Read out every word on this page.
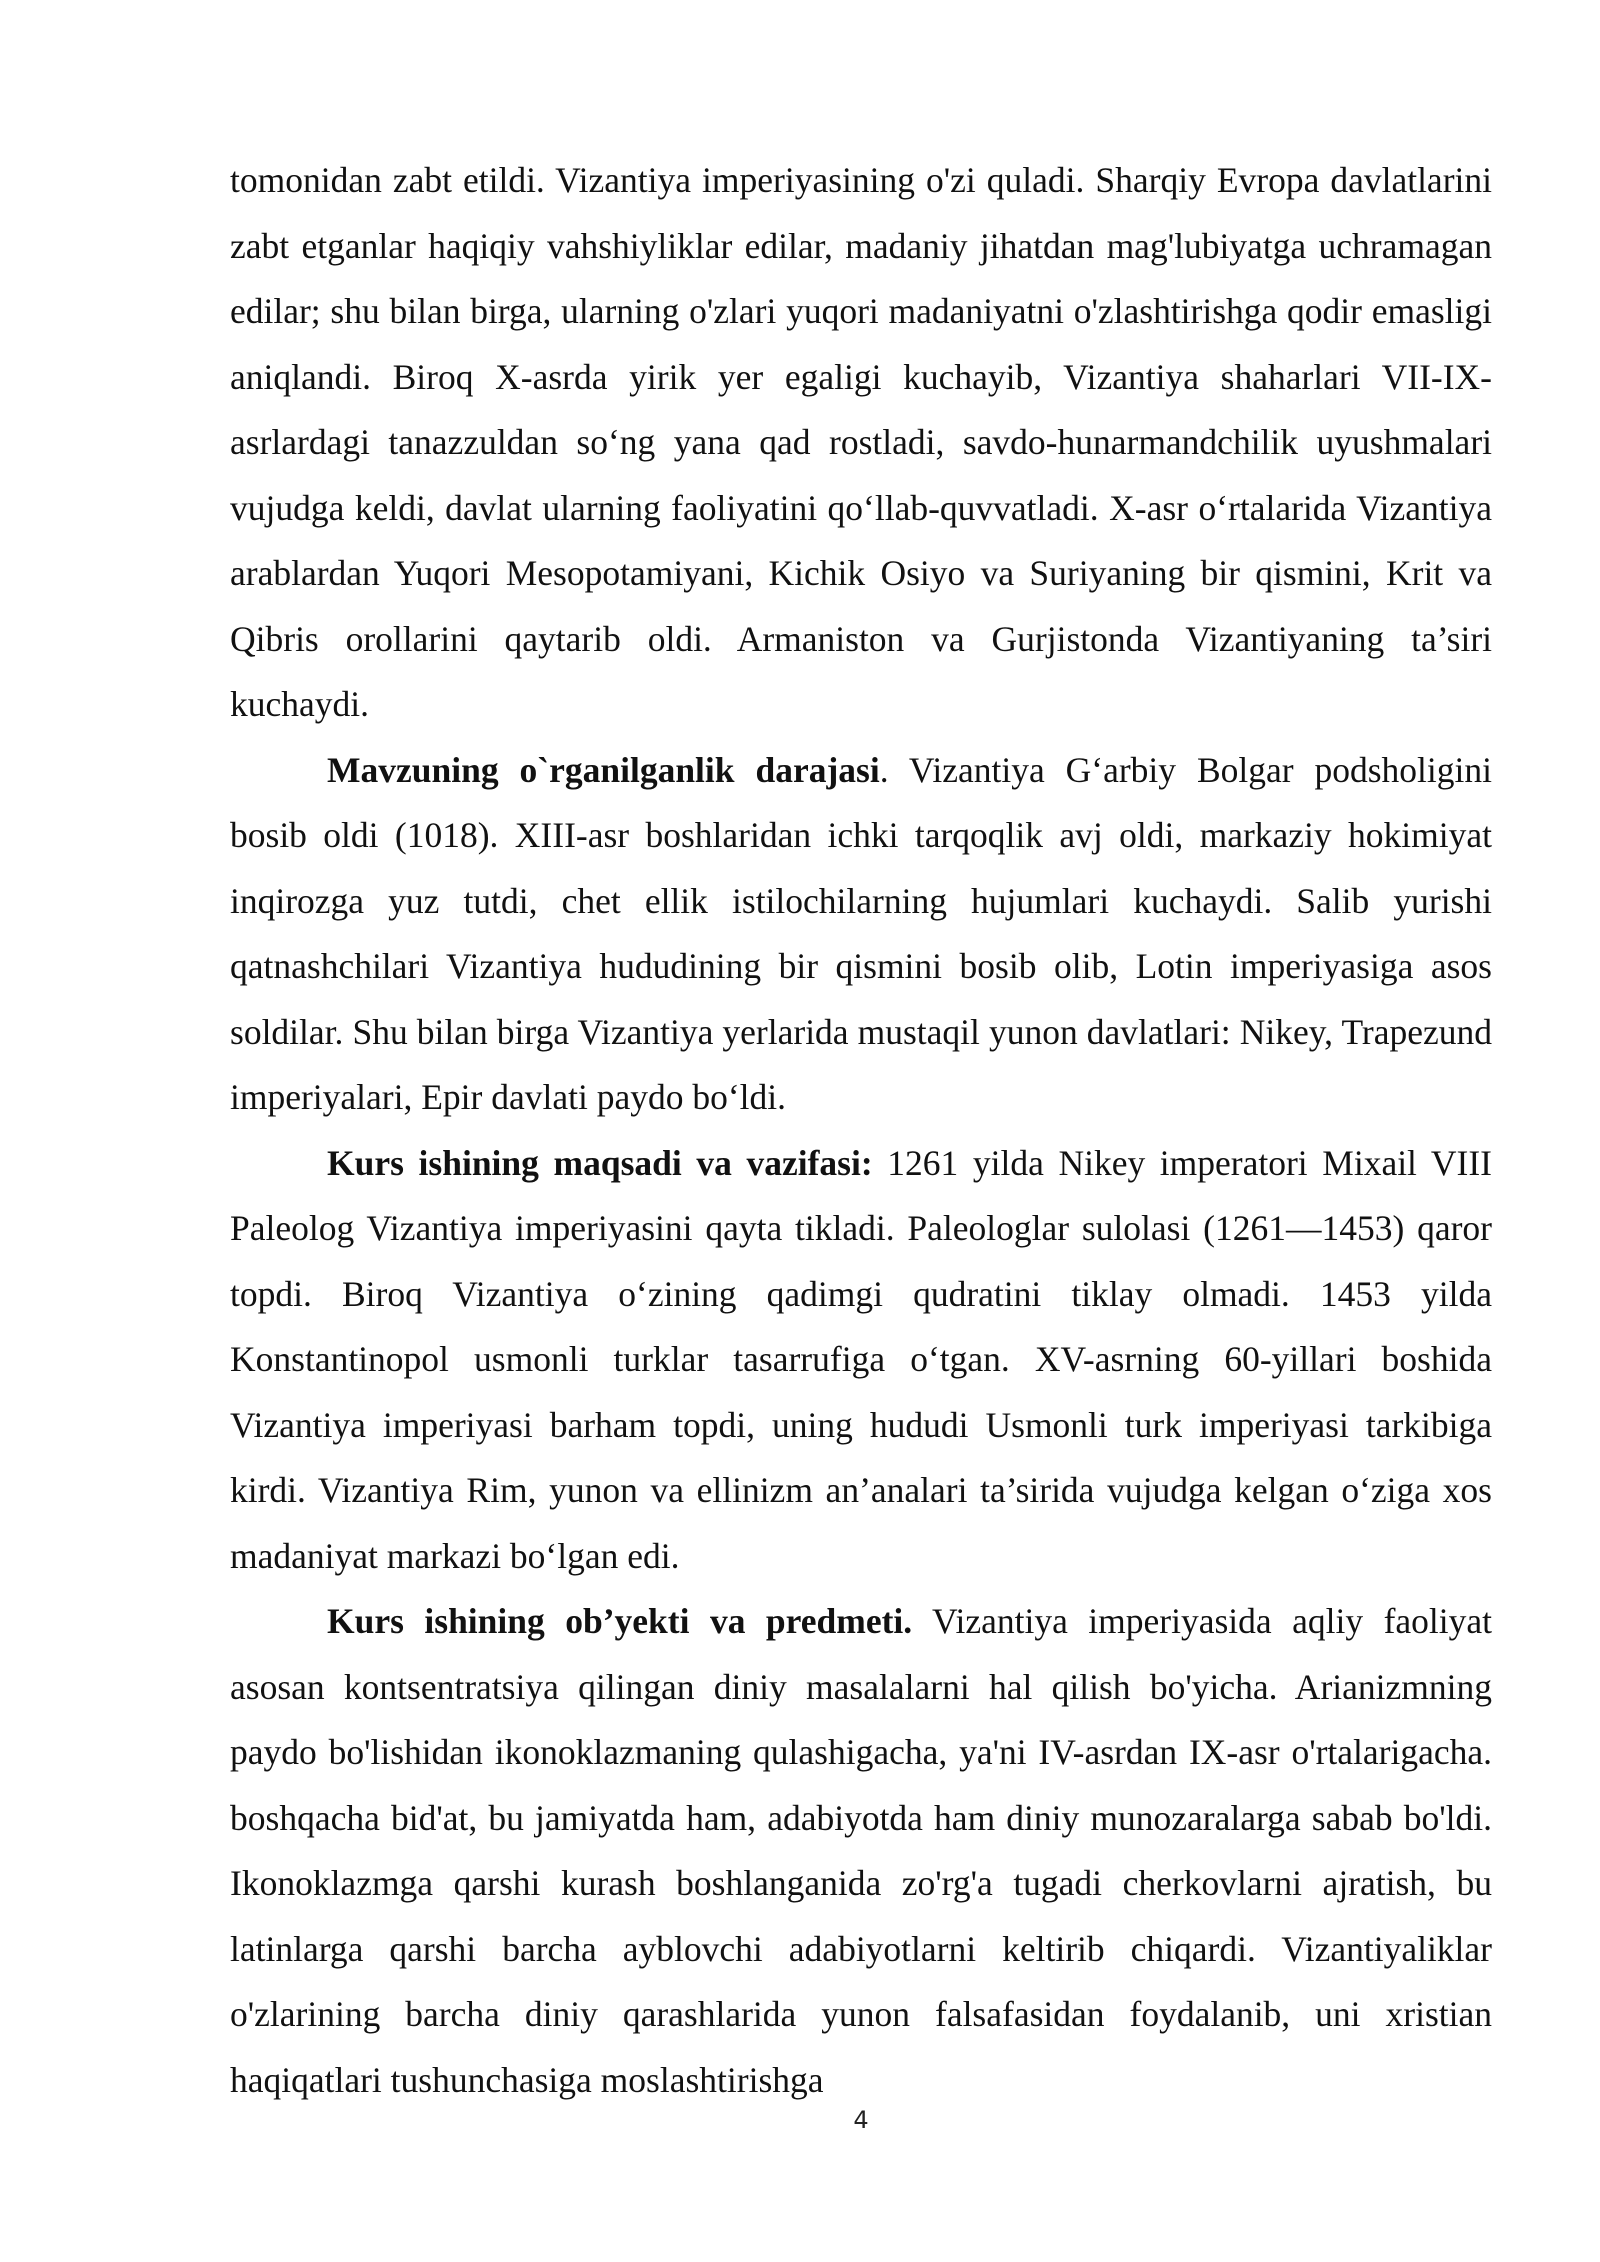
tomonidan zabt etildi. Vizantiya imperiyasining o'zi quladi. Sharqiy Evropa davlatlarini zabt etganlar haqiqiy vahshiyliklar edilar, madaniy jihatdan mag'lubiyatga uchramagan edilar; shu bilan birga, ularning o'zlari yuqori madaniyatni o'zlashtirishga qodir emasligi aniqlandi. Biroq X-asrda yirik yer egaligi kuchayib, Vizantiya shaharlari VII-IX-asrlardagi tanazzuldan so‘ng yana qad rostladi, savdo-hunarmandchilik uyushmalari vujudga keldi, davlat ularning faoliyatini qo‘llab-quvvatladi. X-asr o‘rtalarida Vizantiya arablardan Yuqori Mesopotamiyani, Kichik Osiyo va Suriyaning bir qismini, Krit va Qibris orollarini qaytarib oldi. Armaniston va Gurjistonda Vizantiyaning ta’siri kuchaydi.

Mavzuning o`rganilganlik darajasi. Vizantiya G‘arbiy Bolgar podsholigini bosib oldi (1018). XIII-asr boshlaridan ichki tarqoqlik avj oldi, markaziy hokimiyat inqirozga yuz tutdi, chet ellik istilochilarning hujumlari kuchaydi. Salib yurishi qatnashchilari Vizantiya hududining bir qismini bosib olib, Lotin imperiyasiga asos soldilar. Shu bilan birga Vizantiya yerlarida mustaqil yunon davlatlari: Nikey, Trapezund imperiyalari, Epir davlati paydo bo‘ldi.

Kurs ishining maqsadi va vazifasi: 1261 yilda Nikey imperatori Mixail VIII Paleolog Vizantiya imperiyasini qayta tikladi. Paleologlar sulolasi (1261—1453) qaror topdi. Biroq Vizantiya o‘zining qadimgi qudratini tiklay olmadi. 1453 yilda Konstantinopol usmonli turklar tasarrufiga o‘tgan. XV-asrning 60-yillari boshida Vizantiya imperiyasi barham topdi, uning hududi Usmonli turk imperiyasi tarkibiga kirdi. Vizantiya Rim, yunon va ellinizm an’analari ta’sirida vujudga kelgan o‘ziga xos madaniyat markazi bo‘lgan edi.

Kurs ishining ob’yekti va predmeti. Vizantiya imperiyasida aqliy faoliyat asosan kontsentratsiya qilingan diniy masalalarni hal qilish bo'yicha. Arianizmning paydo bo'lishidan ikonoklazmaning qulashigacha, ya'ni IV-asrdan IX-asr o'rtalarigacha. boshqacha bid'at, bu jamiyatda ham, adabiyotda ham diniy munozaralarga sabab bo'ldi. Ikonoklazmga qarshi kurash boshlanganida zo'rg'a tugadi cherkovlarni ajratish, bu latinlarga qarshi barcha ayblovchi adabiyotlarni keltirib chiqardi. Vizantiyaliklar o'zlarining barcha diniy qarashlarida yunon falsafasidan foydalanib, uni xristian haqiqatlari tushunchasiga moslashtirishga

4
